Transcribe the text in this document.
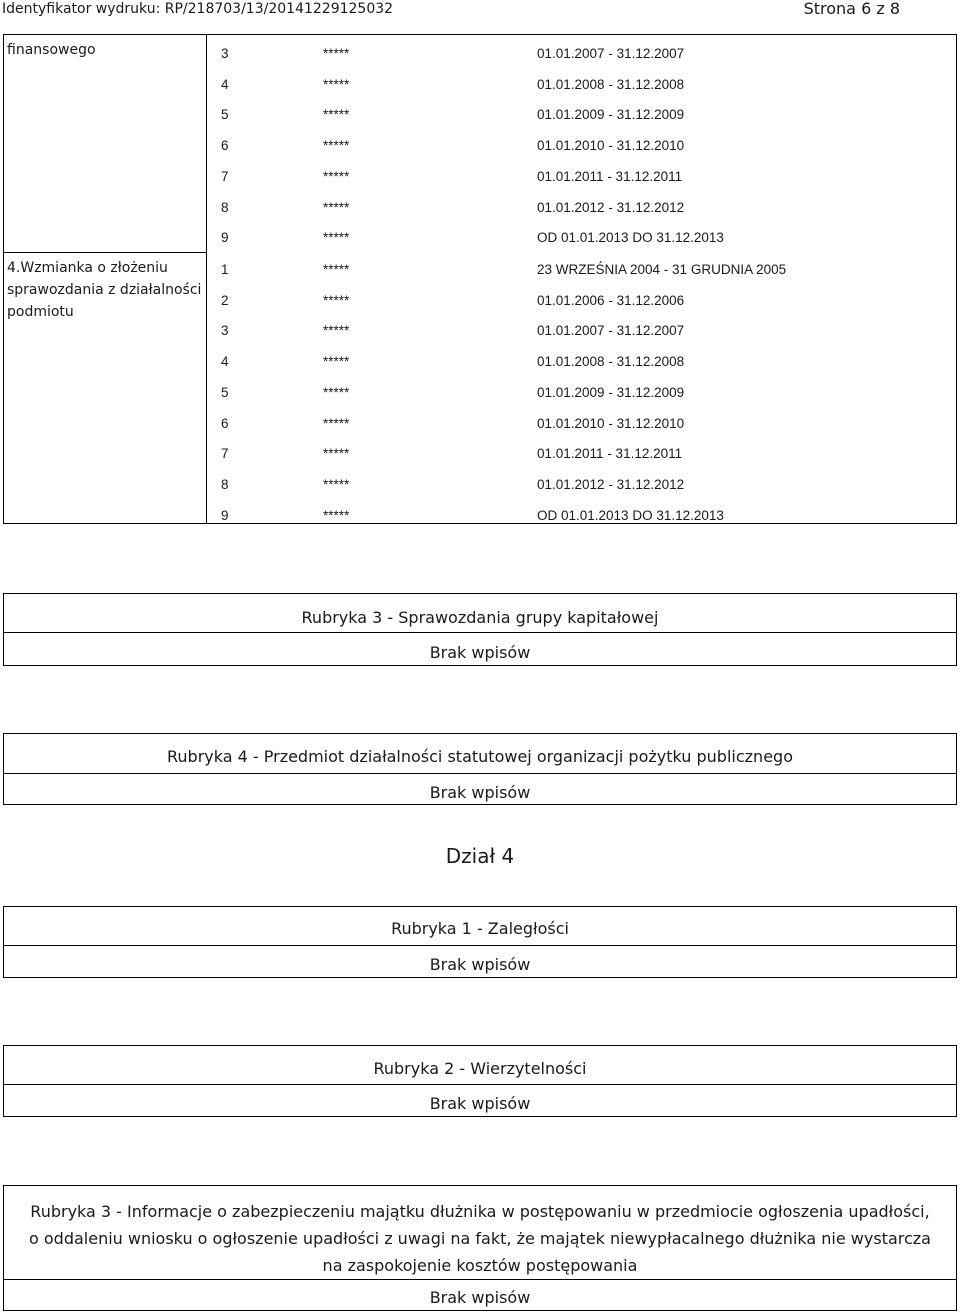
Identyfikator wydruku: RP/218703/13/20141229125032	Strona 6 z 8
finansowego
4.Wzmianka o złożeniu sprawozdania z działalności podmiotu
3	*****	01.01.2007 - 31.12.2007
4	*****	01.01.2008 - 31.12.2008
5	*****	01.01.2009 - 31.12.2009
6	*****	01.01.2010 - 31.12.2010
7	*****	01.01.2011 - 31.12.2011
8	*****	01.01.2012 - 31.12.2012
9	*****	OD 01.01.2013 DO 31.12.2013
1	*****	23 WRZEŚNIA 2004 - 31 GRUDNIA 2005
2	*****	01.01.2006 - 31.12.2006
3	*****	01.01.2007 - 31.12.2007
4	*****	01.01.2008 - 31.12.2008
5	*****	01.01.2009 - 31.12.2009
6	*****	01.01.2010 - 31.12.2010
7	*****	01.01.2011 - 31.12.2011
8	*****	01.01.2012 - 31.12.2012
9	*****	OD 01.01.2013 DO 31.12.2013
Rubryka 3 - Sprawozdania grupy kapitałowej
Brak wpisów
Rubryka 4 - Przedmiot działalności statutowej organizacji pożytku publicznego
Brak wpisów
Dział 4
Rubryka 1 - Zaległości
Brak wpisów
Rubryka 2 - Wierzytelności
Brak wpisów
Rubryka 3 - Informacje o zabezpieczeniu majątku dłużnika w postępowaniu w przedmiocie ogłoszenia upadłości, o oddaleniu wniosku o ogłoszenie upadłości z uwagi na fakt, że majątek niewypłacalnego dłużnika nie wystarcza na zaspokojenie kosztów postępowania
Brak wpisów
